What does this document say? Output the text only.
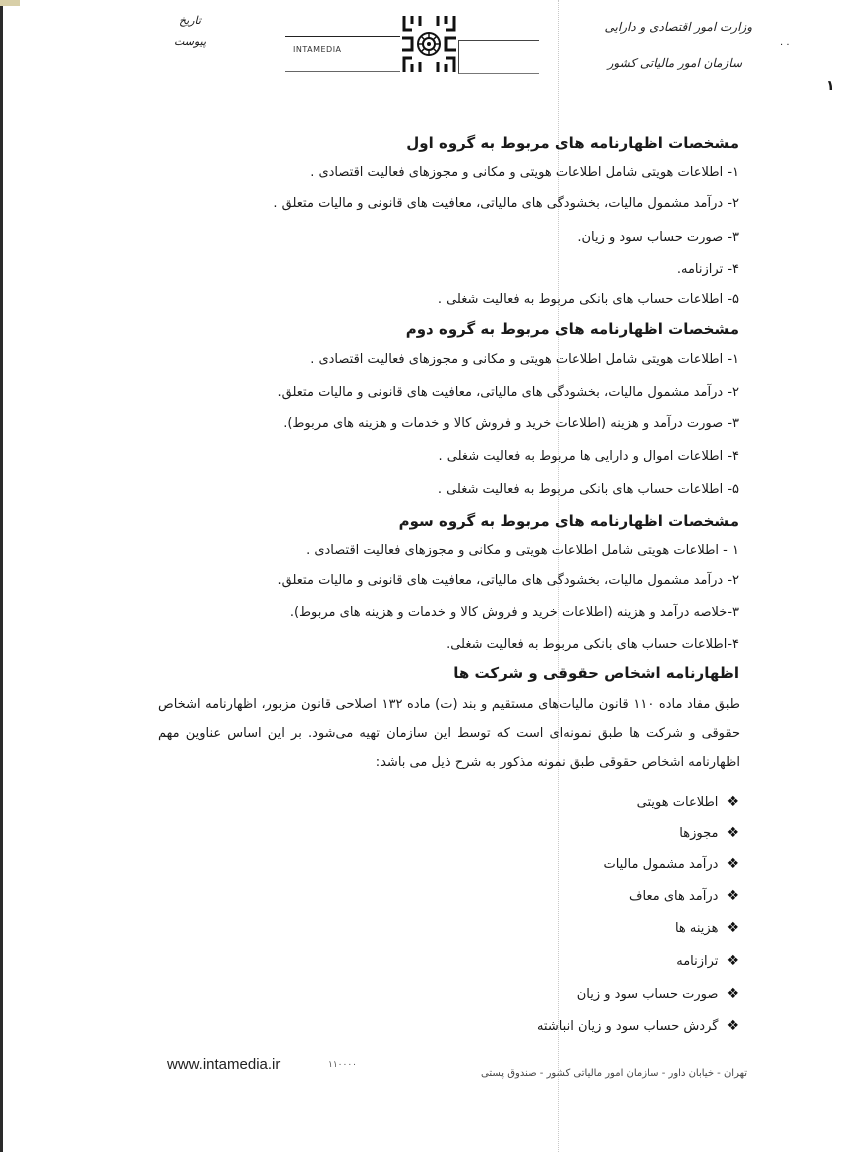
وزارت امور اقتصادی و دارایی
سازمان امور مالیاتی کشور
· ·
۱
تاریخ
پیوست
INTAMEDIA
مشخصات اظهارنامه های مربوط به گروه اول
۱- اطلاعات هویتی شامل اطلاعات هویتی و مکانی و مجوزهای فعالیت اقتصادی .
۲- درآمد مشمول مالیات، بخشودگی های مالیاتی، معافیت های قانونی و مالیات متعلق .
۳- صورت حساب سود و زیان.
۴- ترازنامه.
۵- اطلاعات حساب های بانکی مربوط به فعالیت شغلی .
مشخصات اظهارنامه های مربوط به گروه دوم
۱- اطلاعات هویتی شامل اطلاعات هویتی و مکانی و مجوزهای فعالیت اقتصادی .
۲- درآمد مشمول مالیات، بخشودگی های مالیاتی، معافیت های قانونی و مالیات متعلق.
۳- صورت درآمد و هزینه (اطلاعات خرید و فروش کالا و خدمات و هزینه های مربوط).
۴- اطلاعات اموال و دارایی ها مربوط به فعالیت شغلی .
۵- اطلاعات حساب های بانکی مربوط به فعالیت شغلی .
مشخصات اظهارنامه های مربوط به گروه سوم
۱ - اطلاعات هویتی شامل اطلاعات هویتی و مکانی و مجوزهای فعالیت اقتصادی .
۲- درآمد مشمول مالیات، بخشودگی های مالیاتی، معافیت های قانونی و مالیات متعلق.
۳-خلاصه درآمد و هزینه (اطلاعات خرید و فروش کالا و خدمات و هزینه های مربوط).
۴-اطلاعات حساب های بانکی مربوط به فعالیت شغلی.
اظهارنامه اشخاص حقوقی و شرکت ها
طبق مفاد ماده ۱۱۰ قانون مالیات‌های مستقیم و بند (ت) ماده ۱۳۲ اصلاحی قانون مزبور، اظهارنامه اشخاص حقوقی و شرکت ها طبق نمونه‌ای است که توسط این سازمان تهیه می‌شود. بر این اساس عناوین مهم اظهارنامه اشخاص حقوقی طبق نمونه مذکور به شرح ذیل می باشد:
❖اطلاعات هویتی
❖مجوزها
❖درآمد مشمول مالیات
❖درآمد های معاف
❖هزینه ها
❖ترازنامه
❖صورت حساب سود و زیان
❖گردش حساب سود و زیان انباشته
www.intamedia.ir	۱۱۰۰۰۰
تهران - خیابان داور - سازمان امور مالیاتی کشور - صندوق پستی
